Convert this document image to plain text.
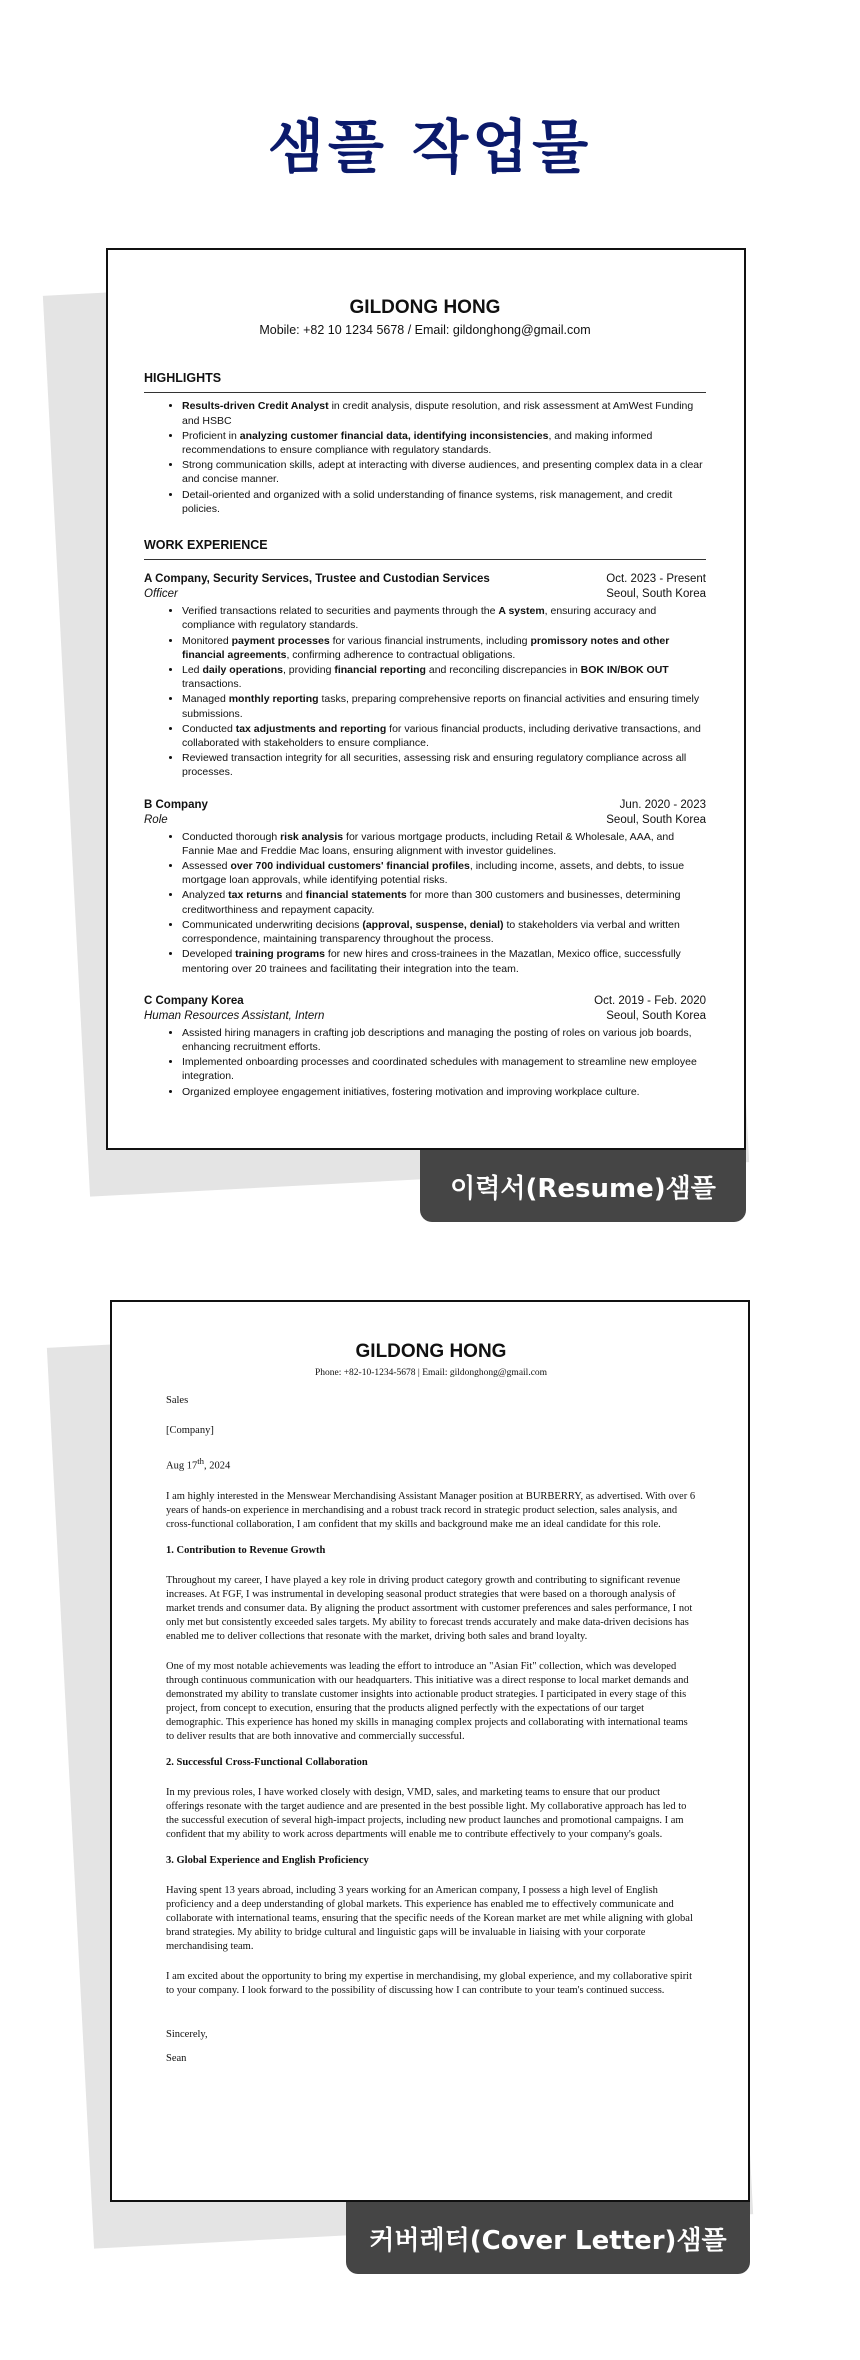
샘플 작업물
GILDONG HONG
Mobile: +82 10 1234 5678 / Email: gildonghong@gmail.com
HIGHLIGHTS
• Results-driven Credit Analyst in credit analysis, dispute resolution, and risk assessment at AmWest Funding and HSBC
• Proficient in analyzing customer financial data, identifying inconsistencies, and making informed recommendations to ensure compliance with regulatory standards.
• Strong communication skills, adept at interacting with diverse audiences, and presenting complex data in a clear and concise manner.
• Detail-oriented and organized with a solid understanding of finance systems, risk management, and credit policies.
WORK EXPERIENCE
A Company, Security Services, Trustee and Custodian Services	Oct. 2023 - Present
Officer	Seoul, South Korea
• Verified transactions related to securities and payments through the A system, ensuring accuracy and compliance with regulatory standards.
• Monitored payment processes for various financial instruments, including promissory notes and other financial agreements, confirming adherence to contractual obligations.
• Led daily operations, providing financial reporting and reconciling discrepancies in BOK IN/BOK OUT transactions.
• Managed monthly reporting tasks, preparing comprehensive reports on financial activities and ensuring timely submissions.
• Conducted tax adjustments and reporting for various financial products, including derivative transactions, and collaborated with stakeholders to ensure compliance.
• Reviewed transaction integrity for all securities, assessing risk and ensuring regulatory compliance across all processes.
B Company	Jun. 2020 - 2023
Role	Seoul, South Korea
• Conducted thorough risk analysis for various mortgage products, including Retail & Wholesale, AAA, and Fannie Mae and Freddie Mac loans, ensuring alignment with investor guidelines.
• Assessed over 700 individual customers' financial profiles, including income, assets, and debts, to issue mortgage loan approvals, while identifying potential risks.
• Analyzed tax returns and financial statements for more than 300 customers and businesses, determining creditworthiness and repayment capacity.
• Communicated underwriting decisions (approval, suspense, denial) to stakeholders via verbal and written correspondence, maintaining transparency throughout the process.
• Developed training programs for new hires and cross-trainees in the Mazatlan, Mexico office, successfully mentoring over 20 trainees and facilitating their integration into the team.
C Company Korea	Oct. 2019 - Feb. 2020
Human Resources Assistant, Intern	Seoul, South Korea
• Assisted hiring managers in crafting job descriptions and managing the posting of roles on various job boards, enhancing recruitment efforts.
• Implemented onboarding processes and coordinated schedules with management to streamline new employee integration.
• Organized employee engagement initiatives, fostering motivation and improving workplace culture.
이력서(Resume)샘플
GILDONG HONG
Phone: +82-10-1234-5678 | Email: gildonghong@gmail.com

Sales

[Company]

Aug 17th, 2024

I am highly interested in the Menswear Merchandising Assistant Manager position at BURBERRY, as advertised. With over 6 years of hands-on experience in merchandising and a robust track record in strategic product selection, sales analysis, and cross-functional collaboration, I am confident that my skills and background make me an ideal candidate for this role.

1. Contribution to Revenue Growth

Throughout my career, I have played a key role in driving product category growth and contributing to significant revenue increases. At FGF, I was instrumental in developing seasonal product strategies that were based on a thorough analysis of market trends and consumer data. By aligning the product assortment with customer preferences and sales performance, I not only met but consistently exceeded sales targets. My ability to forecast trends accurately and make data-driven decisions has enabled me to deliver collections that resonate with the market, driving both sales and brand loyalty.

One of my most notable achievements was leading the effort to introduce an "Asian Fit" collection, which was developed through continuous communication with our headquarters. This initiative was a direct response to local market demands and demonstrated my ability to translate customer insights into actionable product strategies. I participated in every stage of this project, from concept to execution, ensuring that the products aligned perfectly with the expectations of our target demographic. This experience has honed my skills in managing complex projects and collaborating with international teams to deliver results that are both innovative and commercially successful.

2. Successful Cross-Functional Collaboration

In my previous roles, I have worked closely with design, VMD, sales, and marketing teams to ensure that our product offerings resonate with the target audience and are presented in the best possible light. My collaborative approach has led to the successful execution of several high-impact projects, including new product launches and promotional campaigns. I am confident that my ability to work across departments will enable me to contribute effectively to your company's goals.

3. Global Experience and English Proficiency

Having spent 13 years abroad, including 3 years working for an American company, I possess a high level of English proficiency and a deep understanding of global markets. This experience has enabled me to effectively communicate and collaborate with international teams, ensuring that the specific needs of the Korean market are met while aligning with global brand strategies. My ability to bridge cultural and linguistic gaps will be invaluable in liaising with your corporate merchandising team.

I am excited about the opportunity to bring my expertise in merchandising, my global experience, and my collaborative spirit to your company. I look forward to the possibility of discussing how I can contribute to your team's continued success.

Sincerely,

Sean

커버레터(Cover Letter)샘플
